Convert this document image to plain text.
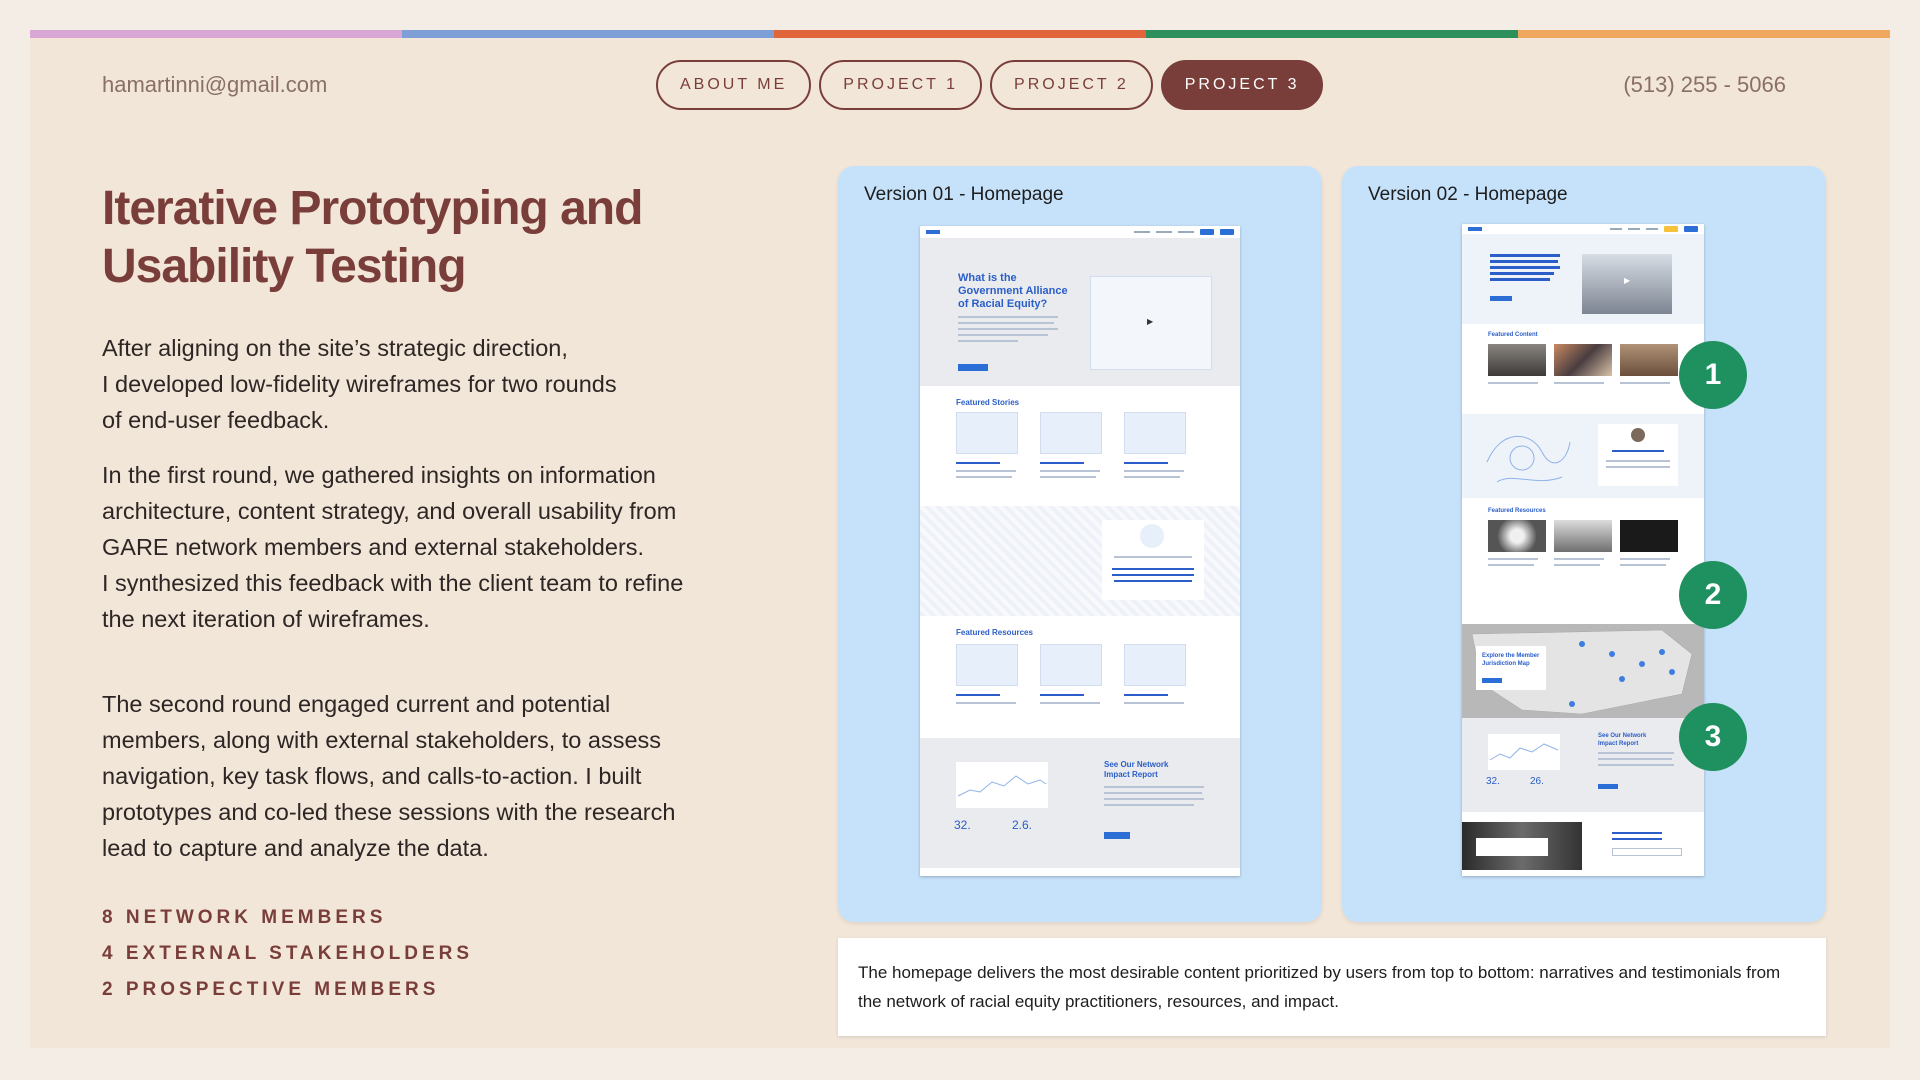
hamartinni@gmail.com	ABOUT ME	PROJECT 1	PROJECT 2	PROJECT 3	(513) 255 - 5066
Iterative Prototyping and
Usability Testing
After aligning on the site’s strategic direction,
I developed low-fidelity wireframes for two rounds
of end-user feedback.
In the first round, we gathered insights on information
architecture, content strategy, and overall usability from
GARE network members and external stakeholders.
I synthesized this feedback with the client team to refine
the next iteration of wireframes.
The second round engaged current and potential
members, along with external stakeholders, to assess
navigation, key task flows, and calls-to-action. I built
prototypes and co-led these sessions with the research
lead to capture and analyze the data.
8 NETWORK MEMBERS
4 EXTERNAL STAKEHOLDERS
2 PROSPECTIVE MEMBERS
Version 01 - Homepage
What is the
Government Alliance
of Racial Equity?
▶
Featured Stories
Featured Resources
32.	2.6.
See Our Network
Impact Report
Version 02 - Homepage
▶
Featured Content
Featured Resources
Explore the Member
Jurisdiction Map
32.	26.
See Our Network
Impact Report
1
2
3
The homepage delivers the most desirable content prioritized by users from top to bottom: narratives and testimonials from the network of racial equity practitioners, resources, and impact.
